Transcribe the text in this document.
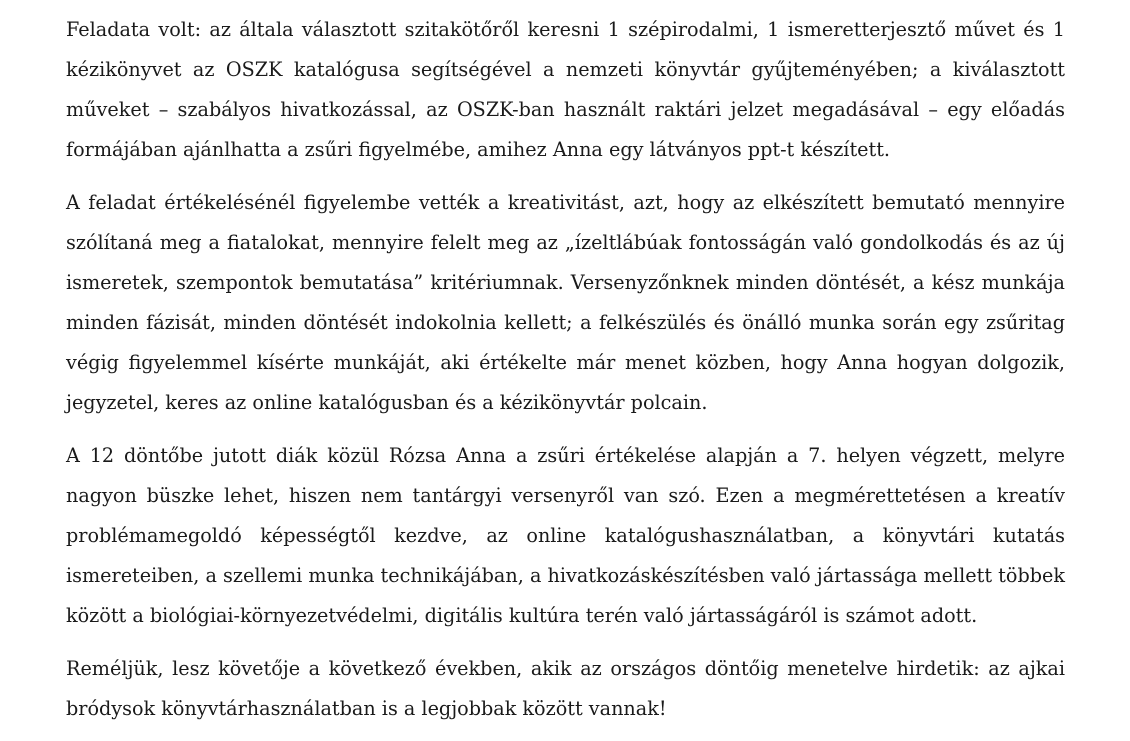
Feladata volt: az általa választott szitakötőről keresni 1 szépirodalmi, 1 ismeretterjesztő művet és 1 kézikönyvet az OSZK katalógusa segítségével a nemzeti könyvtár gyűjteményében; a kiválasztott műveket – szabályos hivatkozással, az OSZK-ban használt raktári jelzet megadásával – egy előadás formájában ajánlhatta a zsűri figyelmébe, amihez Anna egy látványos ppt-t készített.

A feladat értékelésénél figyelembe vették a kreativitást, azt, hogy az elkészített bemutató mennyire szólítaná meg a fiatalokat, mennyire felelt meg az „ízeltlábúak fontosságán való gondolkodás és az új ismeretek, szempontok bemutatása” kritériumnak. Versenyzőnknek minden döntését, a kész munkája minden fázisát, minden döntését indokolnia kellett; a felkészülés és önálló munka során egy zsűritag végig figyelemmel kísérte munkáját, aki értékelte már menet közben, hogy Anna hogyan dolgozik, jegyzetel, keres az online katalógusban és a kézikönyvtár polcain.

A 12 döntőbe jutott diák közül Rózsa Anna a zsűri értékelése alapján a 7. helyen végzett, melyre nagyon büszke lehet, hiszen nem tantárgyi versenyről van szó. Ezen a megmérettetésen a kreatív problémamegoldó képességtől kezdve, az online katalógushasználatban, a könyvtári kutatás ismereteiben, a szellemi munka technikájában, a hivatkozáskészítésben való jártassága mellett többek között a biológiai-környezetvédelmi, digitális kultúra terén való jártasságáról is számot adott.

Reméljük, lesz követője a következő években, akik az országos döntőig menetelve hirdetik: az ajkai bródysok könyvtárhasználatban is a legjobbak között vannak!
